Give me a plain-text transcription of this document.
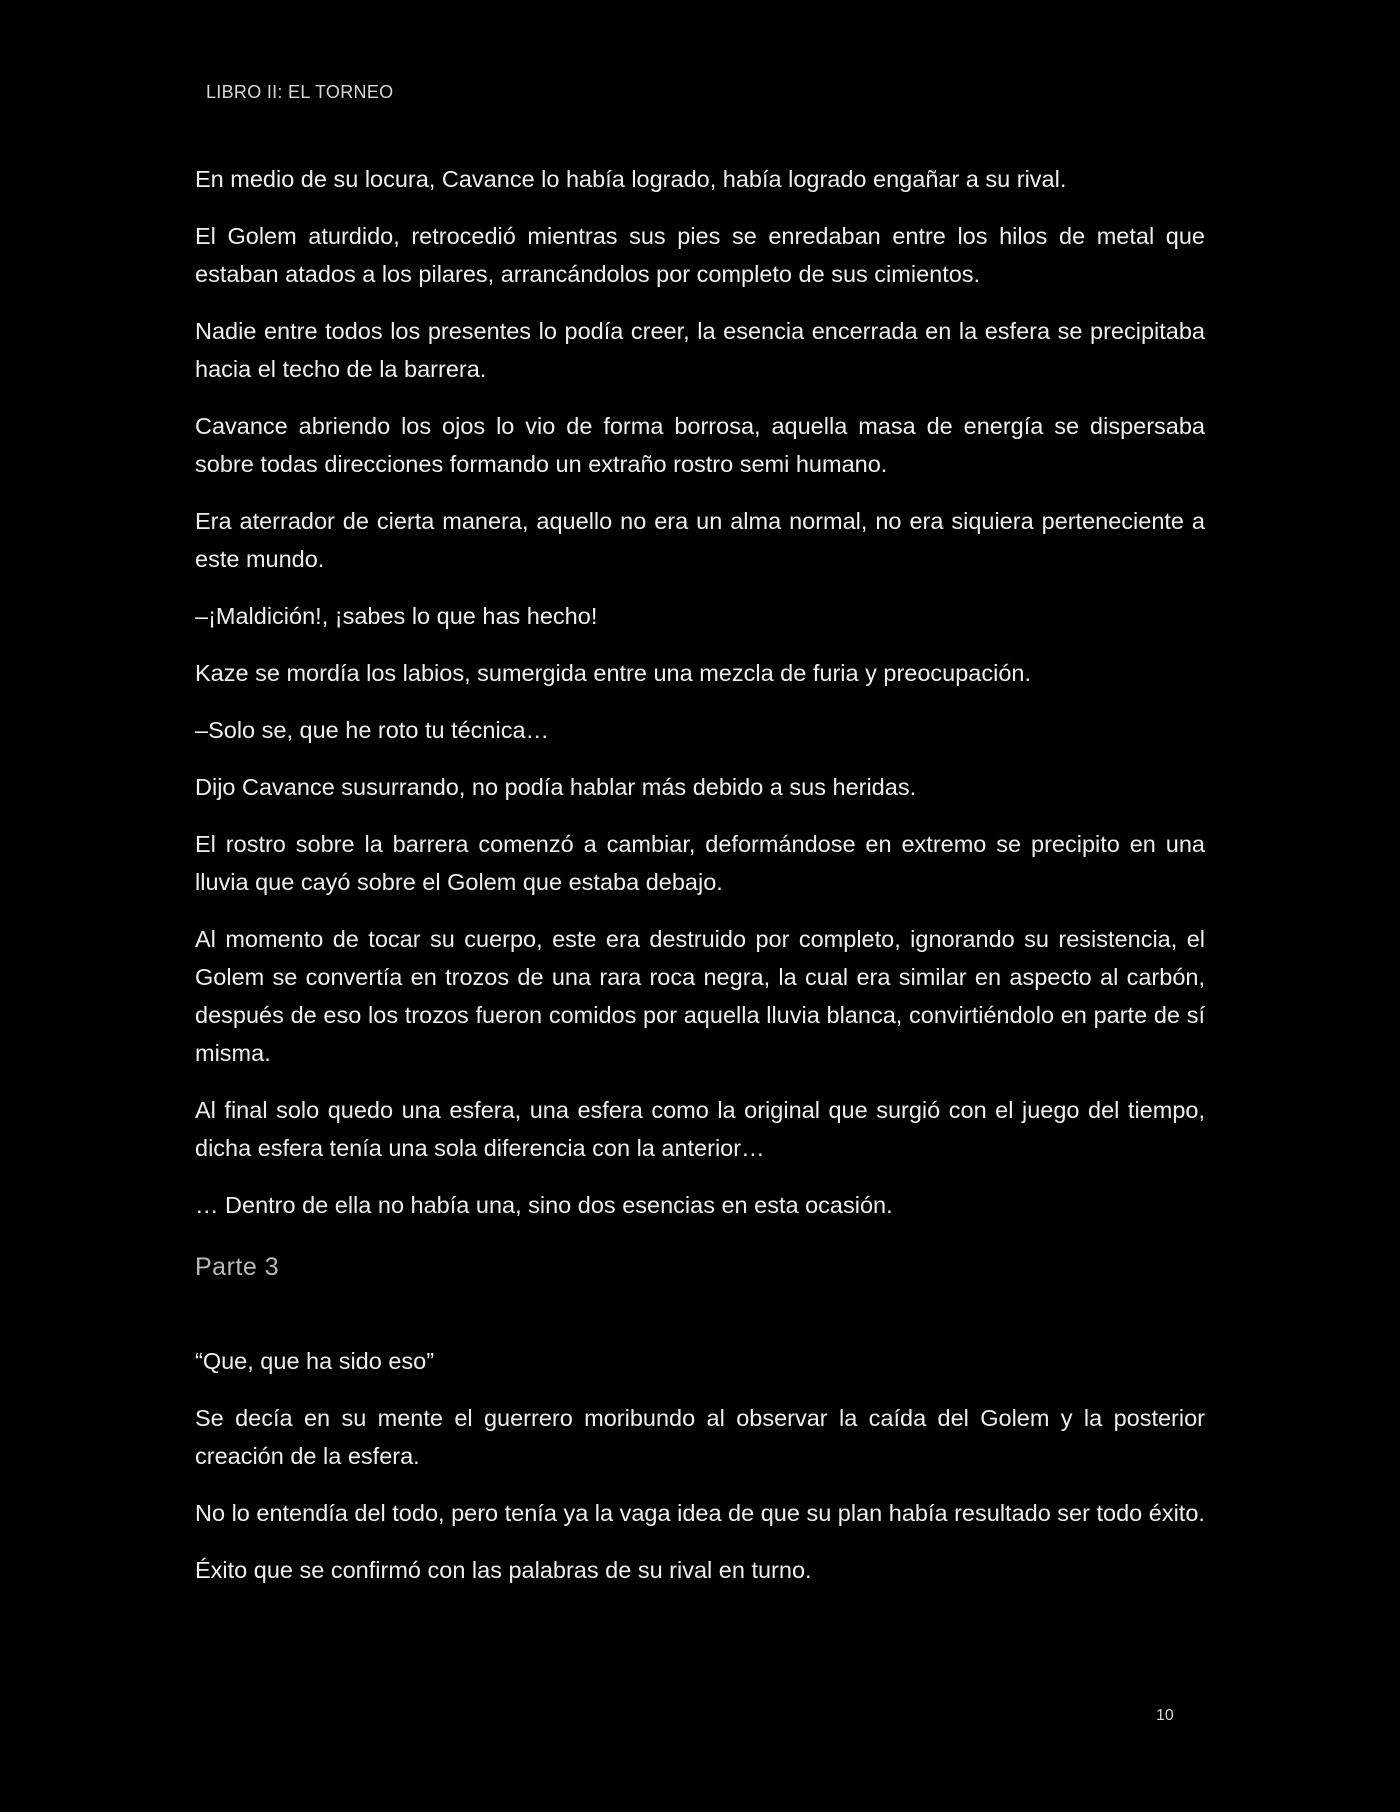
LIBRO II: EL TORNEO

En medio de su locura, Cavance lo había logrado, había logrado engañar a su rival.

El Golem aturdido, retrocedió mientras sus pies se enredaban entre los hilos de metal que estaban atados a los pilares, arrancándolos por completo de sus cimientos.

Nadie entre todos los presentes lo podía creer, la esencia encerrada en la esfera se precipitaba hacia el techo de la barrera.

Cavance abriendo los ojos lo vio de forma borrosa, aquella masa de energía se dispersaba sobre todas direcciones formando un extraño rostro semi humano.

Era aterrador de cierta manera, aquello no era un alma normal, no era siquiera perteneciente a este mundo.

–¡Maldición!, ¡sabes lo que has hecho!

Kaze se mordía los labios, sumergida entre una mezcla de furia y preocupación.

–Solo se, que he roto tu técnica…

Dijo Cavance susurrando, no podía hablar más debido a sus heridas.

El rostro sobre la barrera comenzó a cambiar, deformándose en extremo se precipito en una lluvia que cayó sobre el Golem que estaba debajo.

Al momento de tocar su cuerpo, este era destruido por completo, ignorando su resistencia, el Golem se convertía en trozos de una rara roca negra, la cual era similar en aspecto al carbón, después de eso los trozos fueron comidos por aquella lluvia blanca, convirtiéndolo en parte de sí misma.

Al final solo quedo una esfera, una esfera como la original que surgió con el juego del tiempo, dicha esfera tenía una sola diferencia con la anterior…

… Dentro de ella no había una, sino dos esencias en esta ocasión.

Parte 3

“Que, que ha sido eso”

Se decía en su mente el guerrero moribundo al observar la caída del Golem y la posterior creación de la esfera.

No lo entendía del todo, pero tenía ya la vaga idea de que su plan había resultado ser todo éxito.

Éxito que se confirmó con las palabras de su rival en turno.

10
